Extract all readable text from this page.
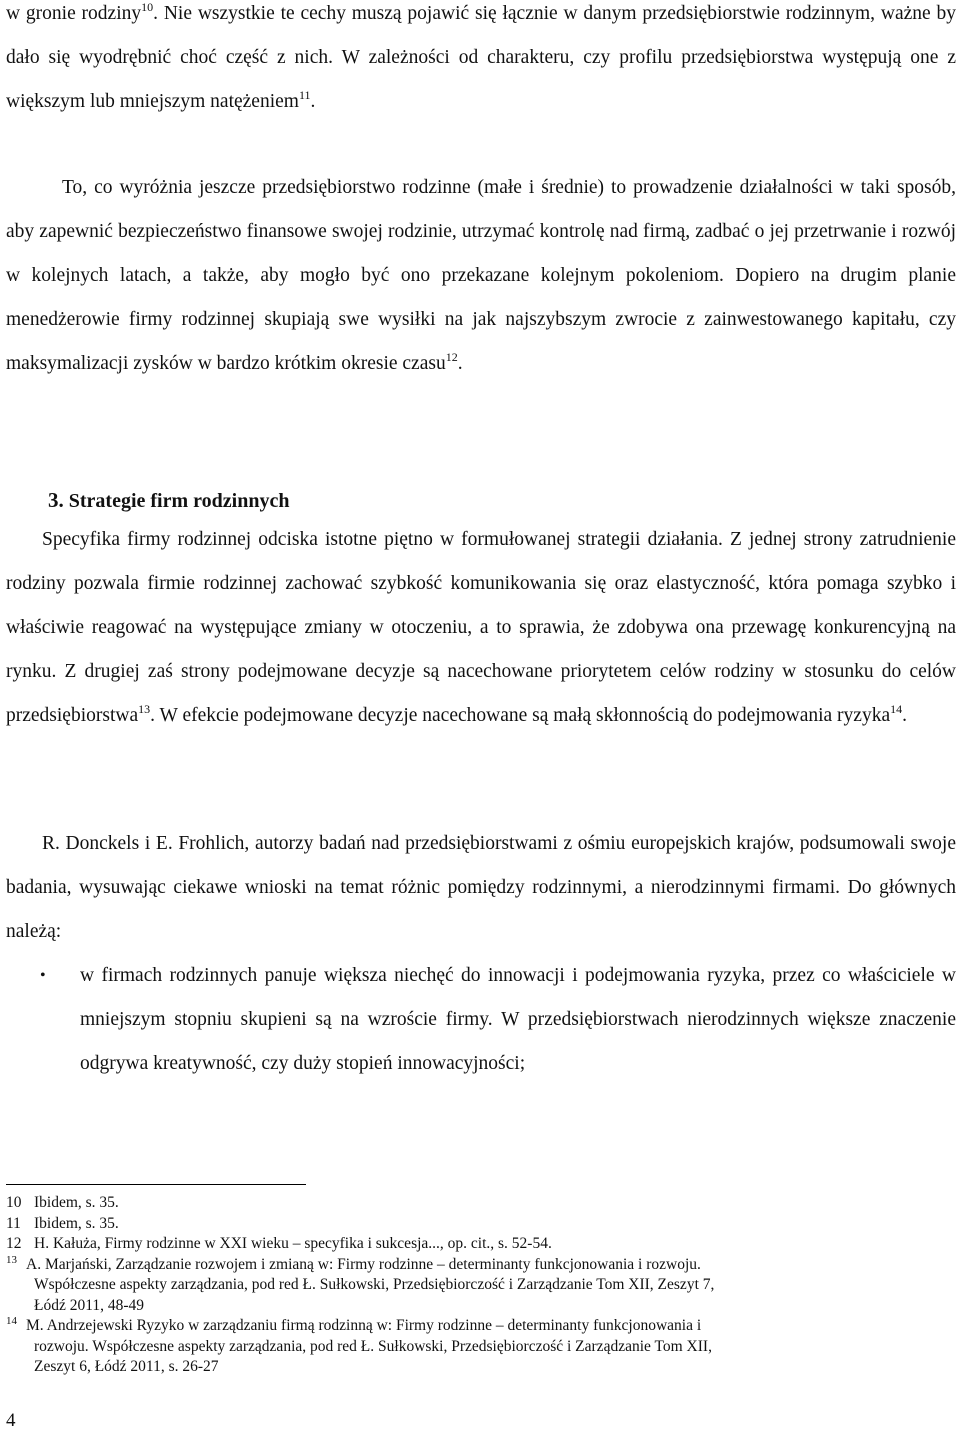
w gronie rodziny$^{10}$. Nie wszystkie te cechy muszą pojawić się łącznie w danym przedsiębiorstwie rodzinnym, ważne by dało się wyodrębnić choć część z nich. W zależności od charakteru, czy profilu przedsiębiorstwa występują one z większym lub mniejszym natężeniem$^{11}$.

To, co wyróżnia jeszcze przedsiębiorstwo rodzinne (małe i średnie) to prowadzenie działalności w taki sposób, aby zapewnić bezpieczeństwo finansowe swojej rodzinie, utrzymać kontrolę nad firmą, zadbać o jej przetrwanie i rozwój w kolejnych latach, a także, aby mogło być ono przekazane kolejnym pokoleniom. Dopiero na drugim planie menedżerowie firmy rodzinnej skupiają swe wysiłki na jak najszybszym zwrocie z zainwestowanego kapitału, czy maksymalizacji zysków w bardzo krótkim okresie czasu$^{12}$.

3. Strategie firm rodzinnych

Specyfika firmy rodzinnej odciska istotne piętno w formułowanej strategii działania. Z jednej strony zatrudnienie rodziny pozwala firmie rodzinnej zachować szybkość komunikowania się oraz elastyczność, która pomaga szybko i właściwie reagować na występujące zmiany w otoczeniu, a to sprawia, że zdobywa ona przewagę konkurencyjną na rynku. Z drugiej zaś strony podejmowane decyzje są nacechowane priorytetem celów rodziny w stosunku do celów przedsiębiorstwa$^{13}$. W efekcie podejmowane decyzje nacechowane są małą skłonnością do podejmowania ryzyka$^{14}$.

R. Donckels i E. Frohlich, autorzy badań nad przedsiębiorstwami z ośmiu europejskich krajów, podsumowali swoje badania, wysuwając ciekawe wnioski na temat różnic pomiędzy rodzinnymi, a nierodzinnymi firmami. Do głównych należą:

• w firmach rodzinnych panuje większa niechęć do innowacji i podejmowania ryzyka, przez co właściciele w mniejszym stopniu skupieni są na wzroście firmy. W przedsiębiorstwach nierodzinnych większe znaczenie odgrywa kreatywność, czy duży stopień innowacyjności;

10 Ibidem, s. 35.

11 Ibidem, s. 35.

12 H. Kałuża, Firmy rodzinne w XXI wieku – specyfika i sukcesja..., op. cit., s. 52-54.

13 A. Marjański, Zarządzanie rozwojem i zmianą w: Firmy rodzinne – determinanty funkcjonowania i rozwoju.

Współczesne aspekty zarządzania, pod red Ł. Sułkowski, Przedsiębiorczość i Zarządzanie Tom XII, Zeszyt 7,

Łódź 2011, 48-49

14 M. Andrzejewski Ryzyko w zarządzaniu firmą rodzinną w: Firmy rodzinne – determinanty funkcjonowania i

rozwoju. Współczesne aspekty zarządzania, pod red Ł. Sułkowski, Przedsiębiorczość i Zarządzanie Tom XII,

Zeszyt 6, Łódź 2011, s. 26-27

4
